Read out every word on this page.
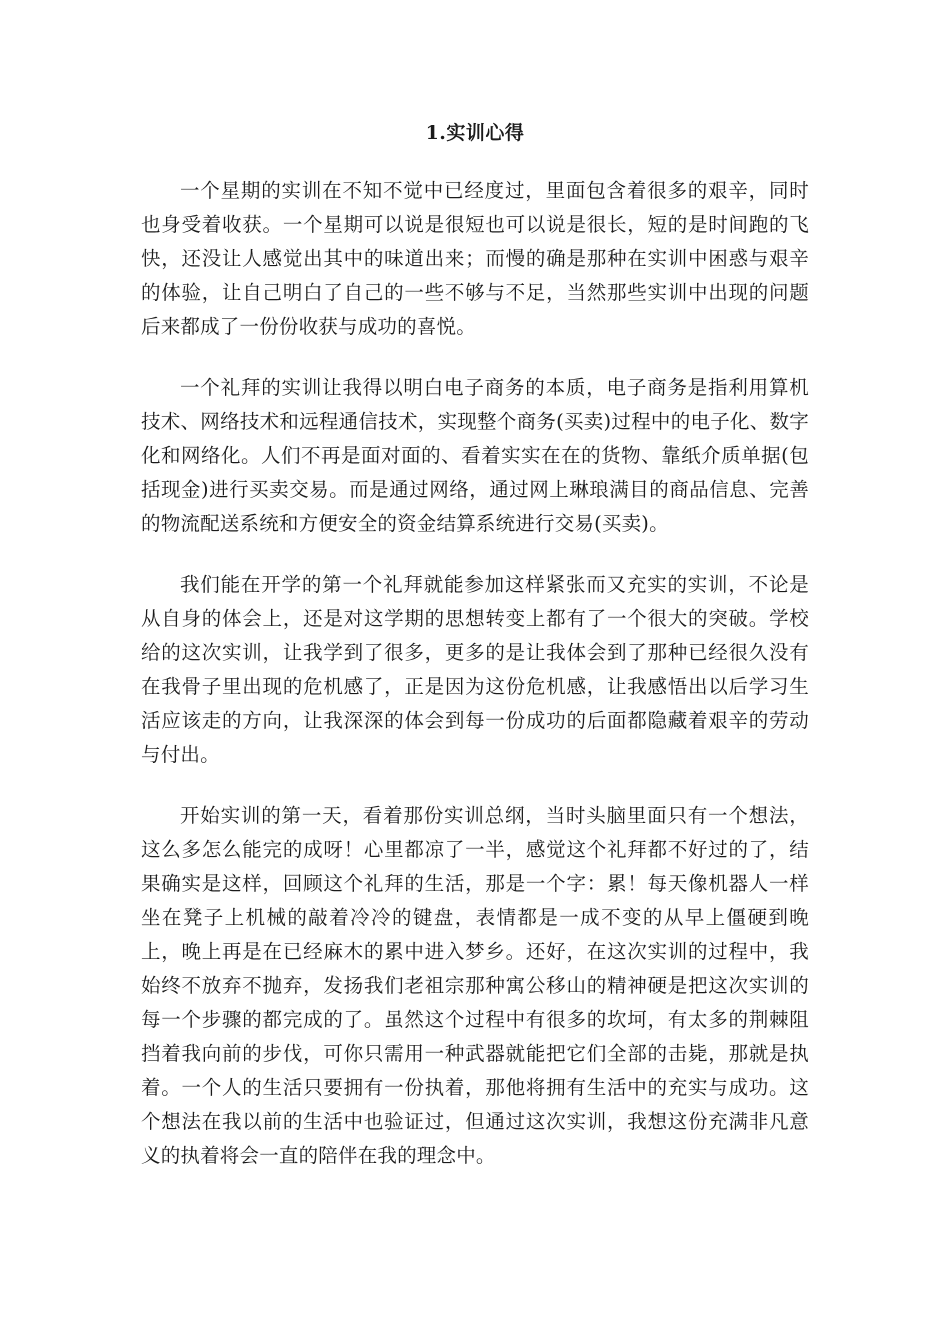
1.实训心得

一个星期的实训在不知不觉中已经度过，里面包含着很多的艰辛，同时也身受着收获。一个星期可以说是很短也可以说是很长，短的是时间跑的飞快，还没让人感觉出其中的味道出来；而慢的确是那种在实训中困惑与艰辛的体验，让自己明白了自己的一些不够与不足，当然那些实训中出现的问题后来都成了一份份收获与成功的喜悦。

一个礼拜的实训让我得以明白电子商务的本质，电子商务是指利用算机技术、网络技术和远程通信技术，实现整个商务(买卖)过程中的电子化、数字化和网络化。人们不再是面对面的、看着实实在在的货物、靠纸介质单据(包括现金)进行买卖交易。而是通过网络，通过网上琳琅满目的商品信息、完善的物流配送系统和方便安全的资金结算系统进行交易(买卖)。

我们能在开学的第一个礼拜就能参加这样紧张而又充实的实训，不论是从自身的体会上，还是对这学期的思想转变上都有了一个很大的突破。学校给的这次实训，让我学到了很多，更多的是让我体会到了那种已经很久没有在我骨子里出现的危机感了，正是因为这份危机感，让我感悟出以后学习生活应该走的方向，让我深深的体会到每一份成功的后面都隐藏着艰辛的劳动与付出。

开始实训的第一天，看着那份实训总纲，当时头脑里面只有一个想法，这么多怎么能完的成呀！心里都凉了一半，感觉这个礼拜都不好过的了，结果确实是这样，回顾这个礼拜的生活，那是一个字：累！每天像机器人一样坐在凳子上机械的敲着冷冷的键盘，表情都是一成不变的从早上僵硬到晚上，晚上再是在已经麻木的累中进入梦乡。还好，在这次实训的过程中，我始终不放弃不抛弃，发扬我们老祖宗那种寓公移山的精神硬是把这次实训的每一个步骤的都完成的了。虽然这个过程中有很多的坎坷，有太多的荆棘阻挡着我向前的步伐，可你只需用一种武器就能把它们全部的击毙，那就是执着。一个人的生活只要拥有一份执着，那他将拥有生活中的充实与成功。这个想法在我以前的生活中也验证过，但通过这次实训，我想这份充满非凡意义的执着将会一直的陪伴在我的理念中。
